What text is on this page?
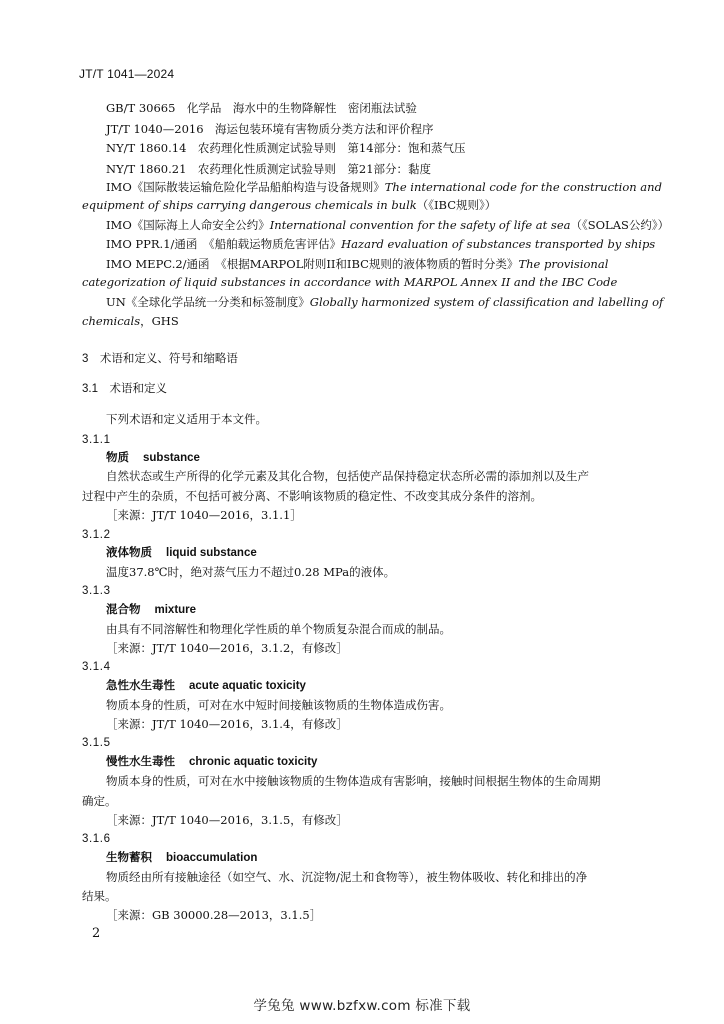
JT/T 1041—2024
GB/T 30665　化学品　海水中的生物降解性　密闭瓶法试验
JT/T 1040—2016　海运包装环境有害物质分类方法和评价程序
NY/T 1860.14　农药理化性质测定试验导则　第14部分：饱和蒸气压
NY/T 1860.21　农药理化性质测定试验导则　第21部分：黏度
IMO《国际散装运输危险化学品船舶构造与设备规则》The international code for the construction and
equipment of ships carrying dangerous chemicals in bulk（《IBC规则》）
IMO《国际海上人命安全公约》International convention for the safety of life at sea（《SOLAS公约》）
IMO PPR.1/通函　《船舶载运物质危害评估》Hazard evaluation of substances transported by ships
IMO MEPC.2/通函　《根据MARPOL附则II和IBC规则的液体物质的暂时分类》The provisional
categorization of liquid substances in accordance with MARPOL Annex II and the IBC Code
UN《全球化学品统一分类和标签制度》Globally harmonized system of classification and labelling of
chemicals，GHS
3　术语和定义、符号和缩略语
3.1　术语和定义
下列术语和定义适用于本文件。
3.1.1
物质 substance
自然状态或生产所得的化学元素及其化合物，包括使产品保持稳定状态所必需的添加剂以及生产
过程中产生的杂质，不包括可被分离、不影响该物质的稳定性、不改变其成分条件的溶剂。
［来源：JT/T 1040—2016，3.1.1］
3.1.2
液体物质 liquid substance
温度37.8℃时，绝对蒸气压力不超过0.28 MPa的液体。
3.1.3
混合物 mixture
由具有不同溶解性和物理化学性质的单个物质复杂混合而成的制品。
［来源：JT/T 1040—2016，3.1.2，有修改］
3.1.4
急性水生毒性 acute aquatic toxicity
物质本身的性质，可对在水中短时间接触该物质的生物体造成伤害。
［来源：JT/T 1040—2016，3.1.4，有修改］
3.1.5
慢性水生毒性 chronic aquatic toxicity
物质本身的性质，可对在水中接触该物质的生物体造成有害影响，接触时间根据生物体的生命周期
确定。
［来源：JT/T 1040—2016，3.1.5，有修改］
3.1.6
生物蓄积 bioaccumulation
物质经由所有接触途径（如空气、水、沉淀物/泥土和食物等），被生物体吸收、转化和排出的净
结果。
［来源：GB 30000.28—2013，3.1.5］
2
学兔兔 www.bzfxw.com 标准下载
